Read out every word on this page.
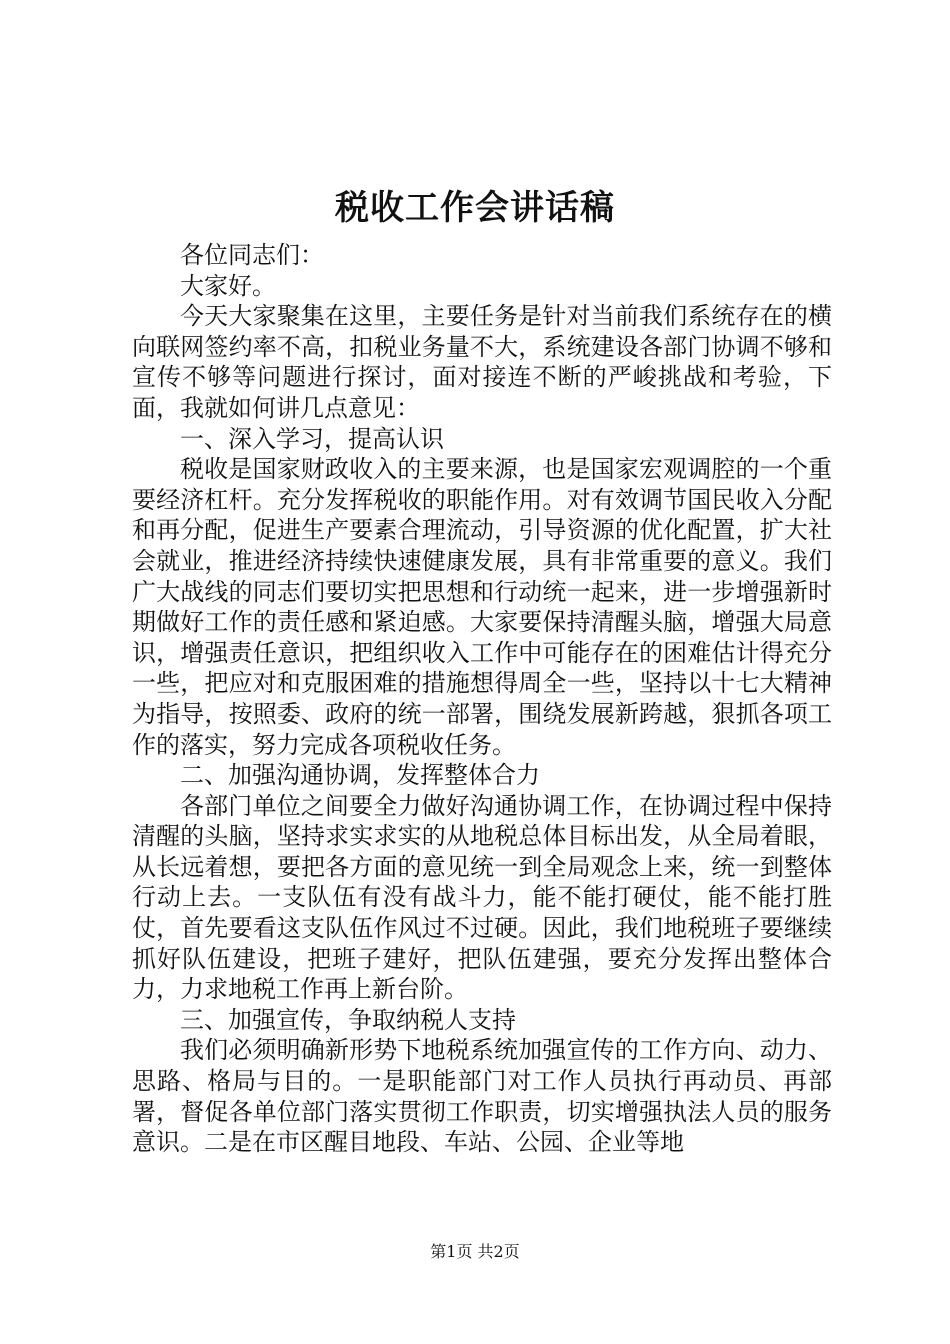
税收工作会讲话稿

各位同志们：

大家好。

今天大家聚集在这里，主要任务是针对当前我们系统存在的横向联网签约率不高，扣税业务量不大，系统建设各部门协调不够和宣传不够等问题进行探讨，面对接连不断的严峻挑战和考验，下面，我就如何讲几点意见：

一、深入学习，提高认识

税收是国家财政收入的主要来源，也是国家宏观调腔的一个重要经济杠杆。充分发挥税收的职能作用。对有效调节国民收入分配和再分配，促进生产要素合理流动，引导资源的优化配置，扩大社会就业，推进经济持续快速健康发展，具有非常重要的意义。我们广大战线的同志们要切实把思想和行动统一起来，进一步增强新时期做好工作的责任感和紧迫感。大家要保持清醒头脑，增强大局意识，增强责任意识，把组织收入工作中可能存在的困难估计得充分一些，把应对和克服困难的措施想得周全一些，坚持以十七大精神为指导，按照委、政府的统一部署，围绕发展新跨越，狠抓各项工作的落实，努力完成各项税收任务。

二、加强沟通协调，发挥整体合力

各部门单位之间要全力做好沟通协调工作，在协调过程中保持清醒的头脑，坚持求实求实的从地税总体目标出发，从全局着眼，从长远着想，要把各方面的意见统一到全局观念上来，统一到整体行动上去。一支队伍有没有战斗力，能不能打硬仗，能不能打胜仗，首先要看这支队伍作风过不过硬。因此，我们地税班子要继续抓好队伍建设，把班子建好，把队伍建强，要充分发挥出整体合力，力求地税工作再上新台阶。

三、加强宣传，争取纳税人支持

我们必须明确新形势下地税系统加强宣传的工作方向、动力、思路、格局与目的。一是职能部门对工作人员执行再动员、再部署，督促各单位部门落实贯彻工作职责，切实增强执法人员的服务意识。二是在市区醒目地段、车站、公园、企业等地

第1页 共2页
